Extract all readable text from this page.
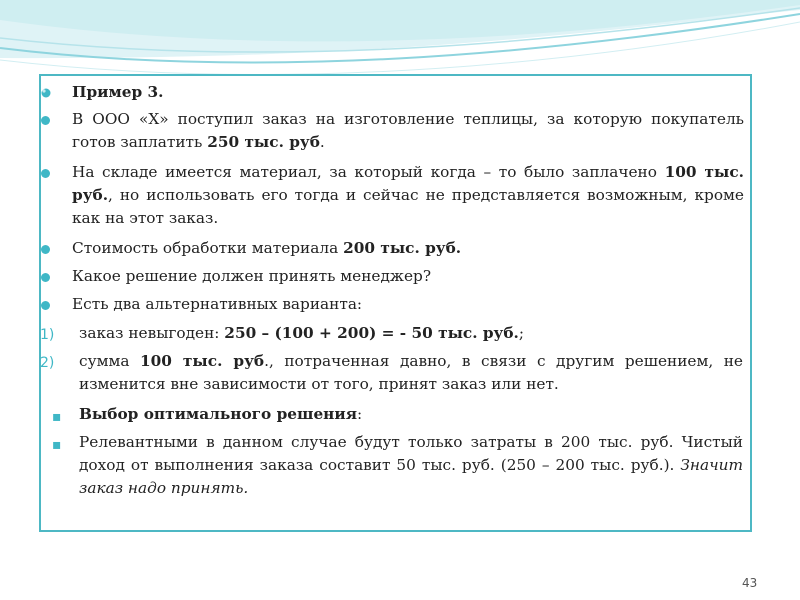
Пример 3.
В ООО «Х» поступил заказ на изготовление теплицы, за которую покупатель готов заплатить 250 тыс. руб.
На складе имеется материал, за который когда – то было заплачено 100 тыс. руб., но использовать его тогда и сейчас не представляется возможным, кроме как на этот заказ.
Стоимость обработки материала 200 тыс. руб.
Какое решение должен принять менеджер?
Есть два альтернативных варианта:
1) заказ невыгоден: 250 – (100 + 200) = - 50 тыс. руб.;
2) сумма 100 тыс. руб., потраченная давно, в связи с другим решением, не изменится вне зависимости от того, принят заказ или нет.
▪ Выбор оптимального решения:
▪ Релевантными в данном случае будут только затраты в 200 тыс. руб. Чистый доход от выполнения заказа составит 50 тыс. руб. (250 – 200 тыс. руб.). Значит заказ надо принять.
43
